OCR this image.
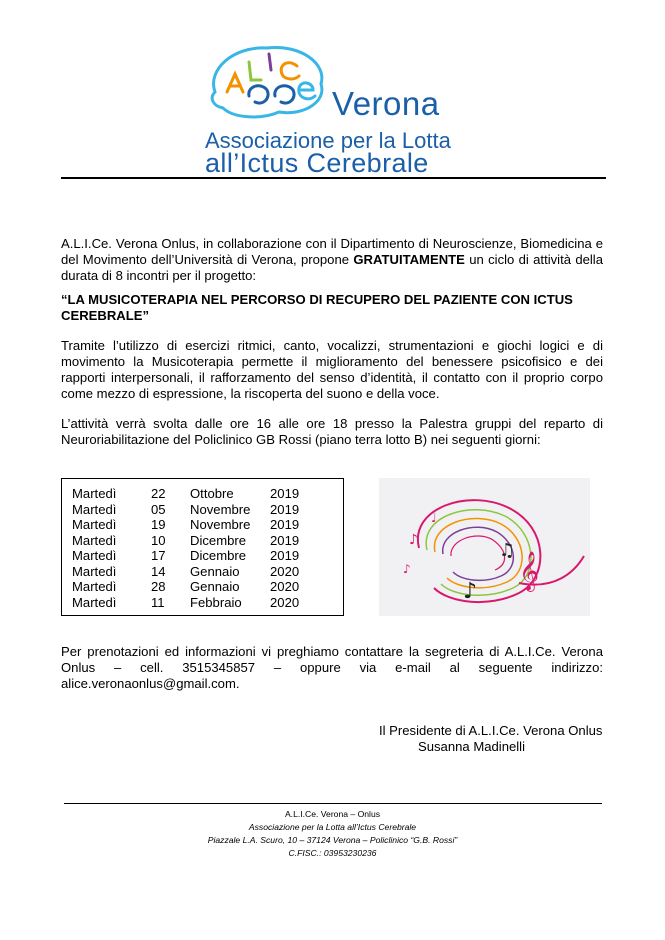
Verona
Associazione per la Lotta
all’Ictus Cerebrale
A.L.I.Ce. Verona Onlus, in collaborazione con il Dipartimento di Neuroscienze, Biomedicina e del Movimento dell’Università di Verona, propone GRATUITAMENTE un ciclo di attività della durata di 8 incontri per il progetto:
“LA MUSICOTERAPIA NEL PERCORSO DI RECUPERO DEL PAZIENTE CON ICTUS CEREBRALE”
Tramite l’utilizzo di esercizi ritmici, canto, vocalizzi, strumentazioni e giochi logici e di movimento la Musicoterapia permette il miglioramento del benessere psicofisico e dei rapporti interpersonali, il rafforzamento del senso d’identità, il contatto con il proprio corpo come mezzo di espressione, la riscoperta del suono e della voce.
L’attività verrà svolta dalle ore 16 alle ore 18 presso la Palestra gruppi del reparto di Neuroriabilitazione del Policlinico GB Rossi (piano terra lotto B) nei seguenti giorni:
Martedì	22 Ottobre	2019
Martedì	05 Novembre 2019
Martedì	19 Novembre 2019
Martedì	10 Dicembre 2019
Martedì	17 Dicembre 2019
Martedì	14 Gennaio 2020
Martedì	28 Gennaio 2020
Martedì	11 Febbraio 2020
𝄞
♪
♫
♪
♩
♪
Per prenotazioni ed informazioni vi preghiamo contattare la segreteria di A.L.I.Ce. Verona Onlus – cell. 3515345857 – oppure via e-mail al seguente indirizzo: alice.veronaonlus@gmail.com.
Il Presidente di A.L.I.Ce. Verona Onlus
Susanna Madinelli
A.L.I.Ce. Verona – Onlus
Associazione per la Lotta all’Ictus Cerebrale
Piazzale L.A. Scuro, 10 – 37124 Verona – Policlinico “G.B. Rossi”
C.FISC.: 03953230236
